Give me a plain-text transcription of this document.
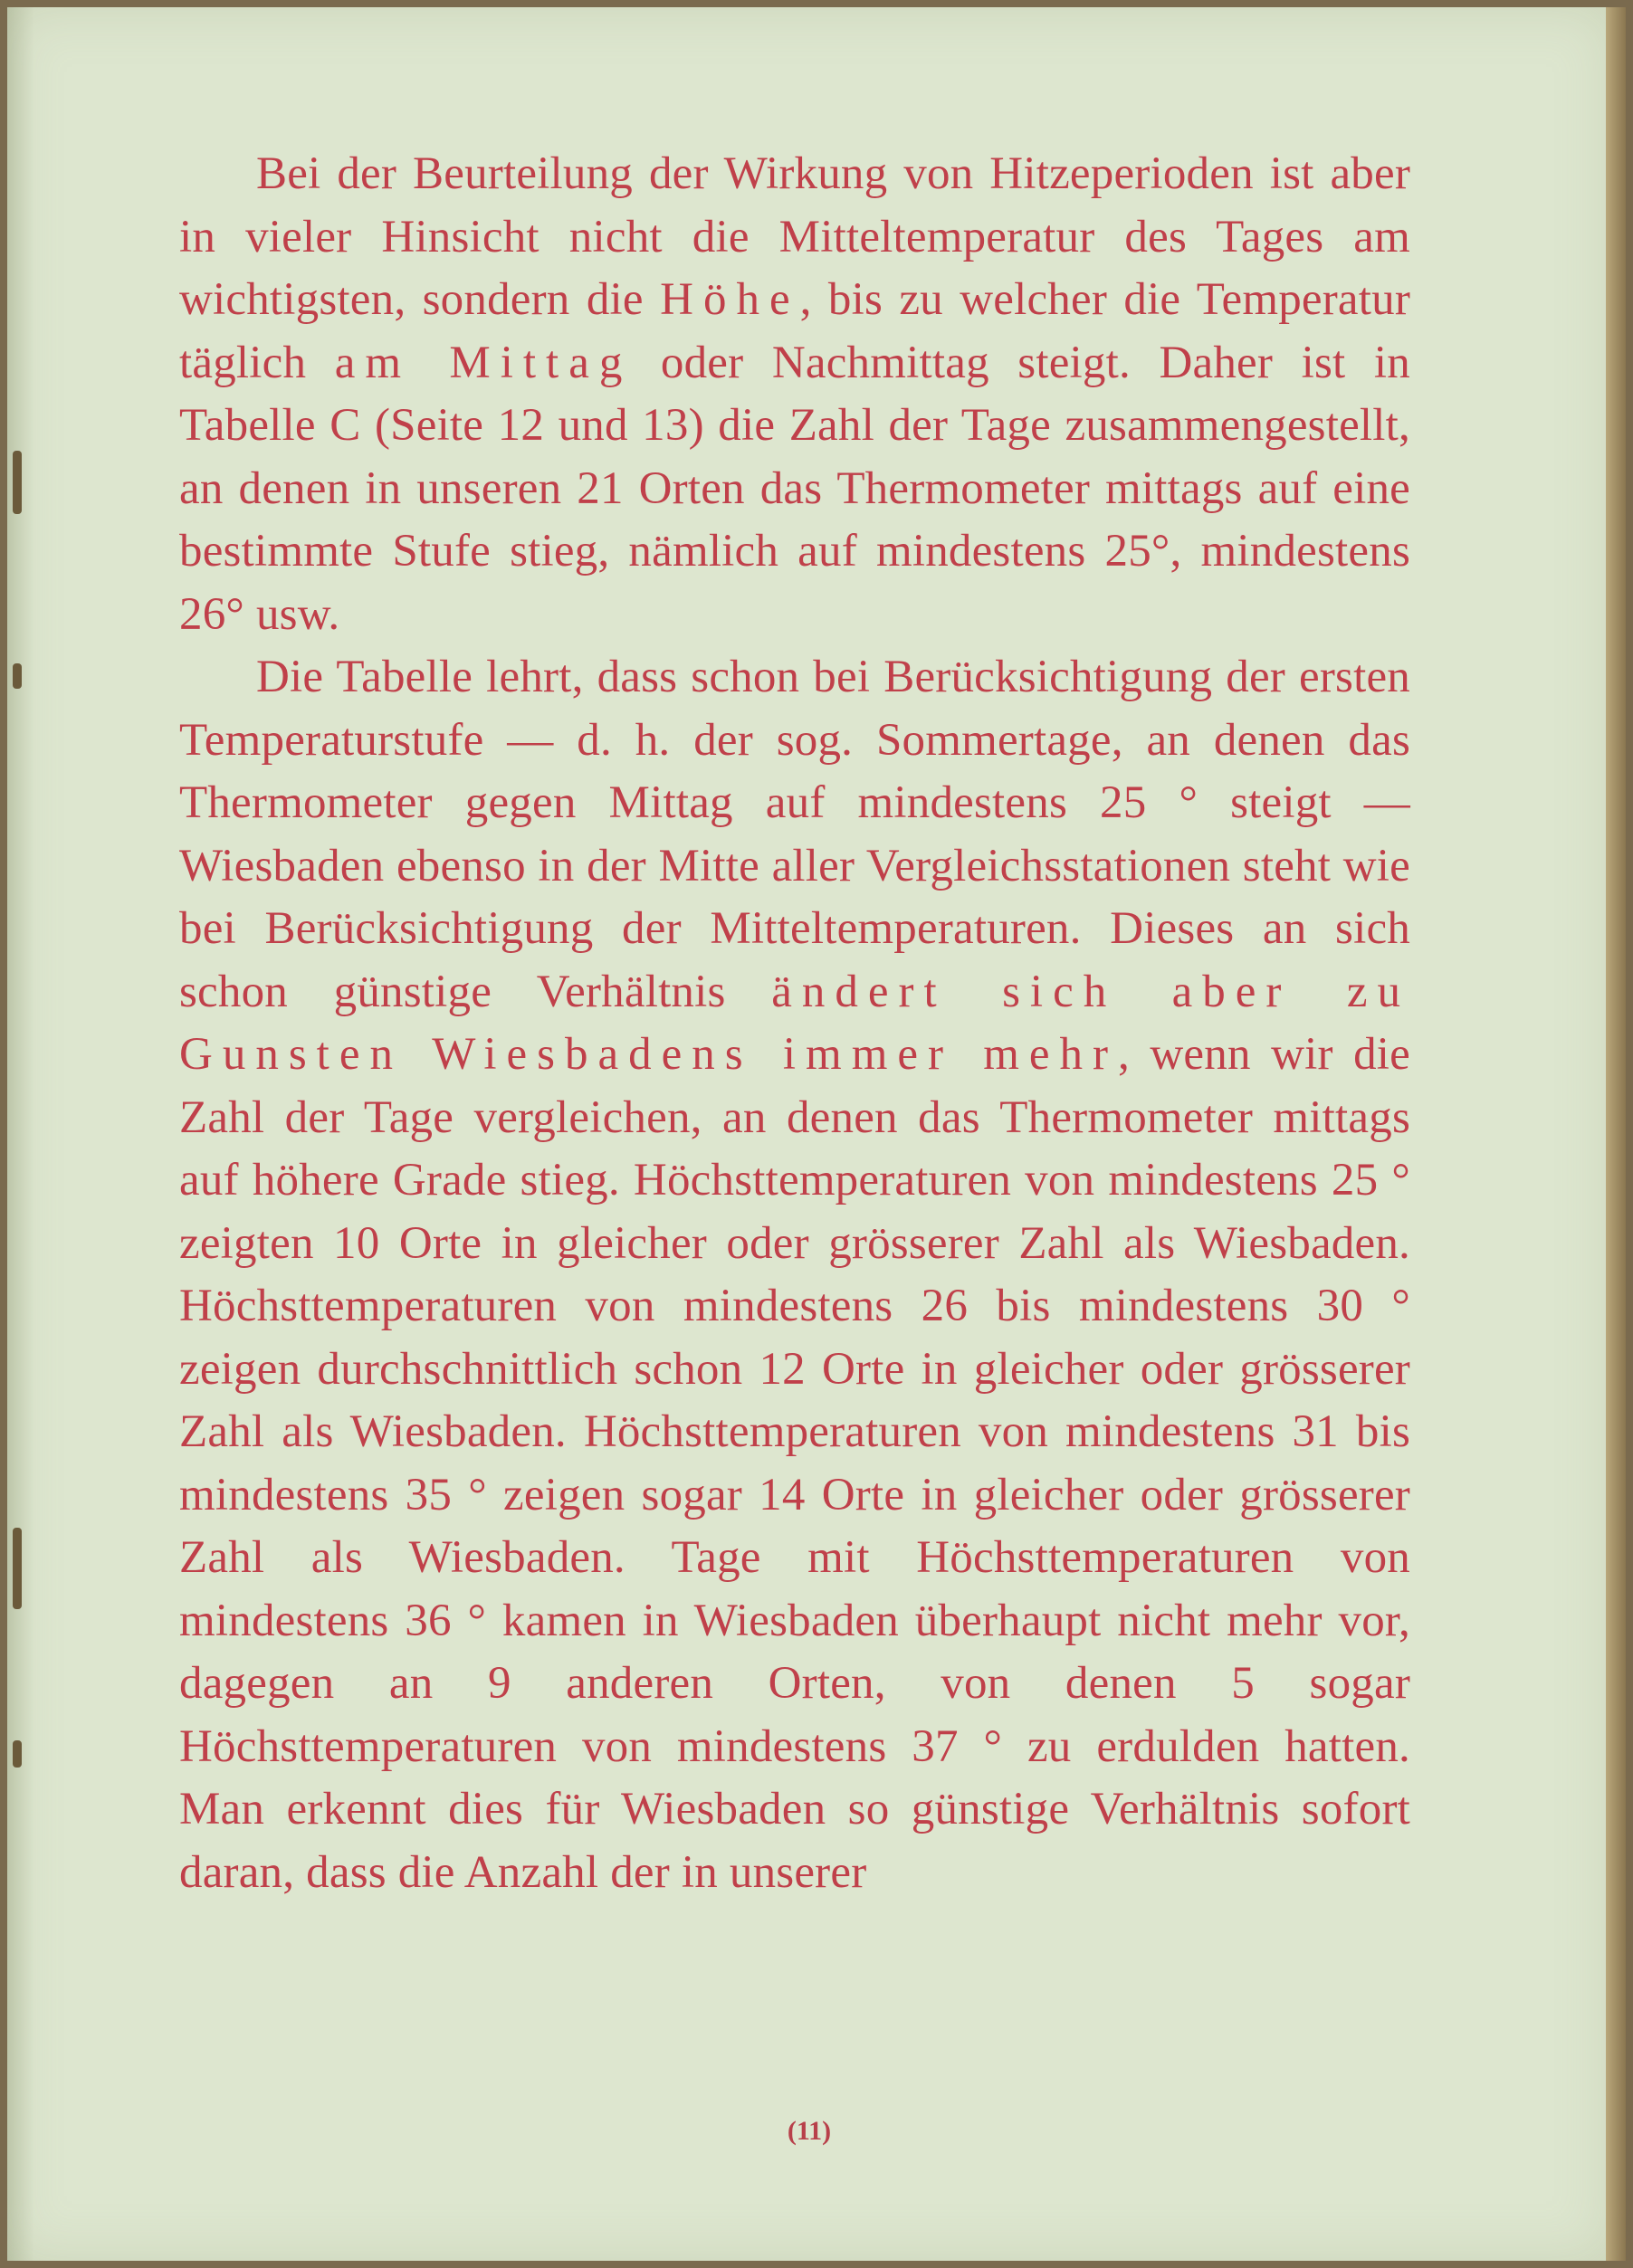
Bei der Beurteilung der Wirkung von Hitzeperioden ist aber in vieler Hinsicht nicht die Mitteltemperatur des Tages am wichtigsten, sondern die Höhe, bis zu welcher die Temperatur täglich am Mittag oder Nachmittag steigt. Daher ist in Tabelle C (Seite 12 und 13) die Zahl der Tage zusammengestellt, an denen in unseren 21 Orten das Thermometer mittags auf eine bestimmte Stufe stieg, nämlich auf mindestens 25°, mindestens 26° usw.

Die Tabelle lehrt, dass schon bei Berücksichtigung der ersten Temperaturstufe — d. h. der sog. Sommertage, an denen das Thermometer gegen Mittag auf mindestens 25 ° steigt — Wiesbaden ebenso in der Mitte aller Vergleichsstationen steht wie bei Berücksichtigung der Mitteltemperaturen. Dieses an sich schon günstige Verhältnis ändert sich aber zu Gunsten Wiesbadens immer mehr, wenn wir die Zahl der Tage vergleichen, an denen das Thermometer mittags auf höhere Grade stieg. Höchsttemperaturen von mindestens 25 ° zeigten 10 Orte in gleicher oder grösserer Zahl als Wiesbaden. Höchsttemperaturen von mindestens 26 bis mindestens 30 ° zeigen durchschnittlich schon 12 Orte in gleicher oder grösserer Zahl als Wiesbaden. Höchsttemperaturen von mindestens 31 bis mindestens 35 ° zeigen sogar 14 Orte in gleicher oder grösserer Zahl als Wiesbaden. Tage mit Höchsttemperaturen von mindestens 36 ° kamen in Wiesbaden überhaupt nicht mehr vor, dagegen an 9 anderen Orten, von denen 5 sogar Höchsttemperaturen von mindestens 37 ° zu erdulden hatten. Man erkennt dies für Wiesbaden so günstige Verhältnis sofort daran, dass die Anzahl der in unserer

(11)
